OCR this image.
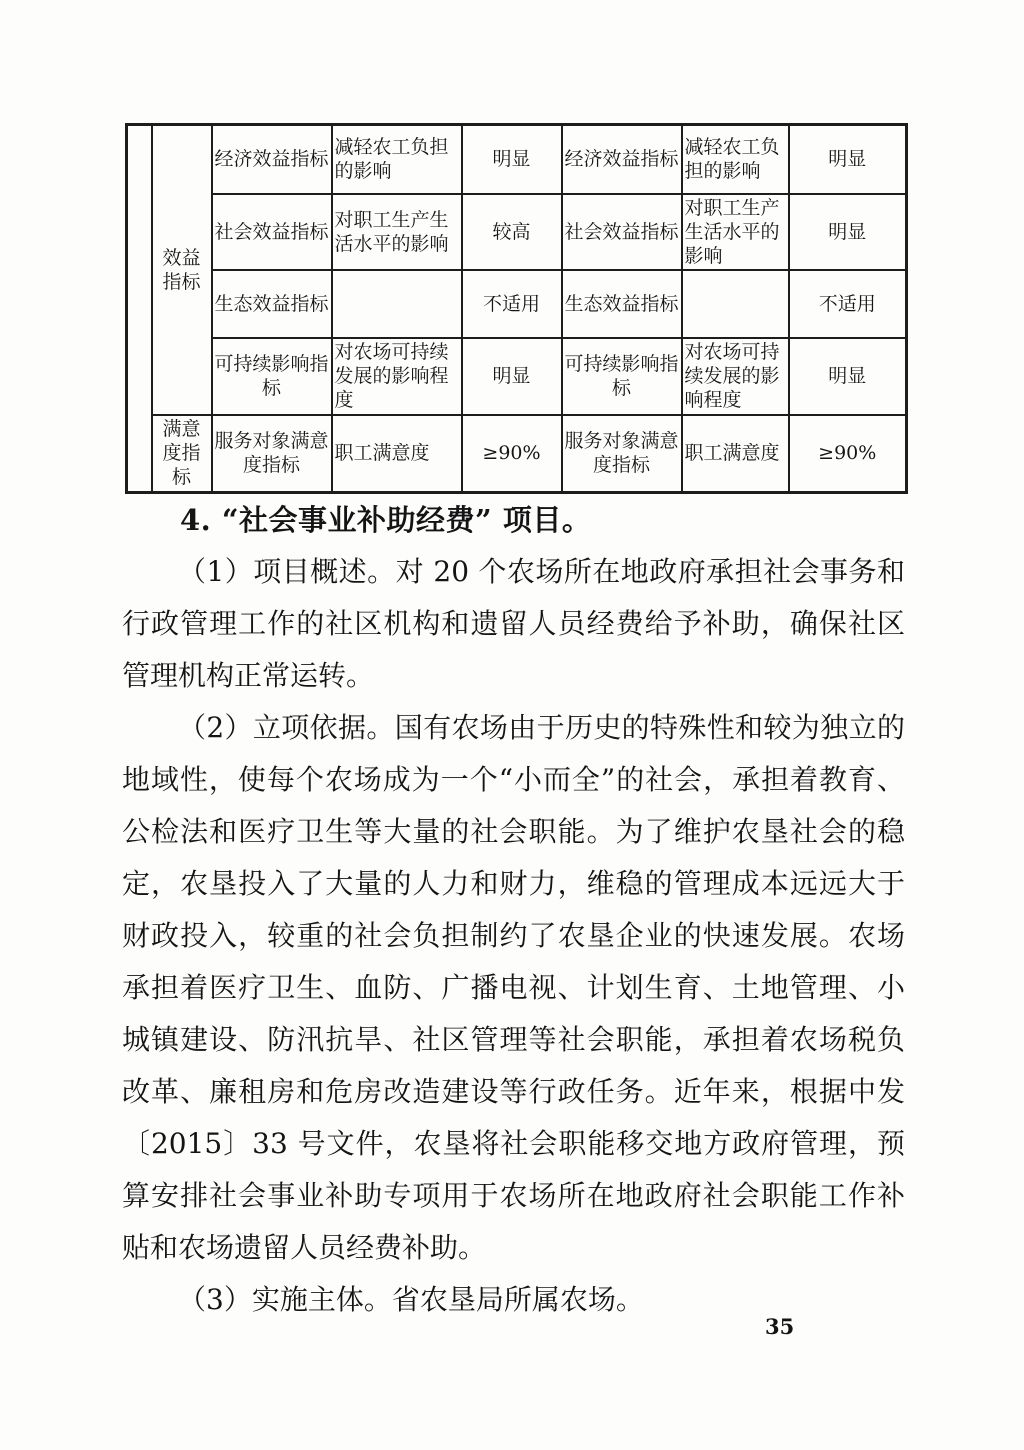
	效益指标	经济效益指标	减轻农工负担的影响	明显	经济效益指标	减轻农工负担的影响	明显
		社会效益指标	对职工生产生活水平的影响	较高	社会效益指标	对职工生产生活水平的影响	明显
		生态效益指标		不适用	生态效益指标		不适用
		可持续影响指标	对农场可持续发展的影响程度	明显	可持续影响指标	对农场可持续发展的影响程度	明显
	满意度指标	服务对象满意度指标	职工满意度	≥90%	服务对象满意度指标	职工满意度	≥90%
4. “社会事业补助经费” 项目。

（1）项目概述。对 20 个农场所在地政府承担社会事务和行政管理工作的社区机构和遗留人员经费给予补助，确保社区管理机构正常运转。

（2）立项依据。国有农场由于历史的特殊性和较为独立的地域性，使每个农场成为一个“小而全”的社会，承担着教育、公检法和医疗卫生等大量的社会职能。为了维护农垦社会的稳定，农垦投入了大量的人力和财力，维稳的管理成本远远大于财政投入，较重的社会负担制约了农垦企业的快速发展。农场承担着医疗卫生、血防、广播电视、计划生育、土地管理、小城镇建设、防汛抗旱、社区管理等社会职能，承担着农场税负改革、廉租房和危房改造建设等行政任务。近年来，根据中发〔2015〕33 号文件，农垦将社会职能移交地方政府管理，预算安排社会事业补助专项用于农场所在地政府社会职能工作补贴和农场遗留人员经费补助。

（3）实施主体。省农垦局所属农场。

35
